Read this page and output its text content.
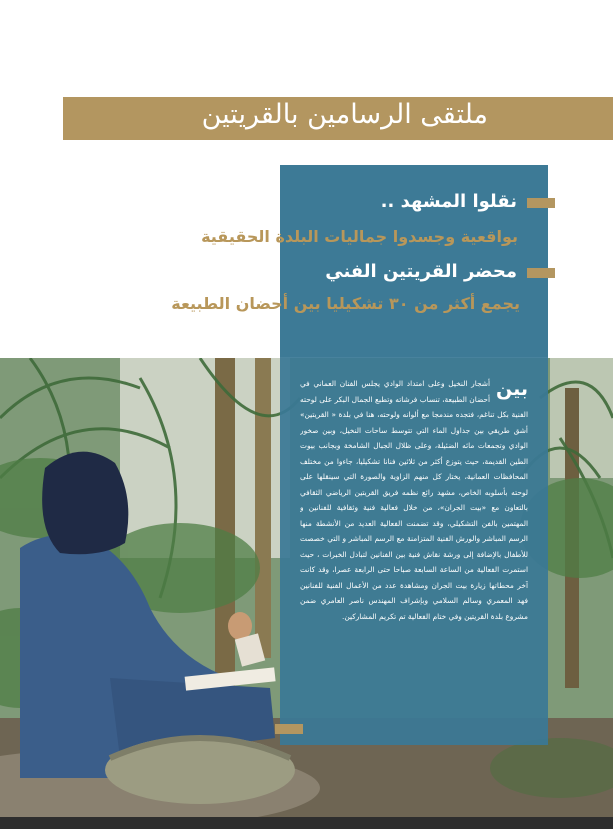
ملتقى الرسامين بالقريتين
نقلوا المشهد ..
بواقعية وجسدوا جماليات البلدة الحقيقية
محضر القريتين الفني
يجمع أكثر من ٣٠ تشكيليا بين أحضان الطبيعة
بين
أشجار النخيل وعلى امتداد الوادي يجلس الفنان العماني في أحضان الطبيعة، تنساب فرشاته وتطبع الجمال البكر على لوحته الفنية بكل تناغم، فتجده مندمجا مع ألوانه ولوحته، هنا في بلدة « القريتين» أشق طريقي بين جداول الماء التي تتوسط ساحات النخيل، وبين صخور الوادي وتجمعات مائه الضئيلة، وعلى ظلال الجبال الشامخة وبجانب بيوت الطين القديمة، حيث يتوزع أكثر من ثلاثين فنانا تشكيليا، جاءوا من مختلف المحافظات العمانية، يختار كل منهم الزاوية والصورة التي سينقلها على لوحته بأسلوبه الخاص، مشهد رائع نظمه فريق القريتين الرياضي الثقافي بالتعاون مع «بيت الجران»، من خلال فعالية فنية وثقافية للفنانين و المهتمين بالفن التشكيلي، وقد تضمنت الفعالية العديد من الأنشطة منها الرسم المباشر والورش الفنية المتزامنة مع الرسم المباشر و التي خصصت للأطفال بالإضافة إلى ورشة نقاش فنية بين الفنانين لتبادل الخبرات ، حيث استمرت الفعالية من الساعة السابعة صباحا حتى الرابعة عصرا، وقد كانت آخر محطاتها زيارة بيت الجران ومشاهدة عدد من الأعمال الفنية للفنانين فهد المعمري وسالم السلامي وبإشراف المهندس ناصر العامري ضمن مشروع بلدة القريتين وفي ختام الفعالية تم تكريم المشاركين.
